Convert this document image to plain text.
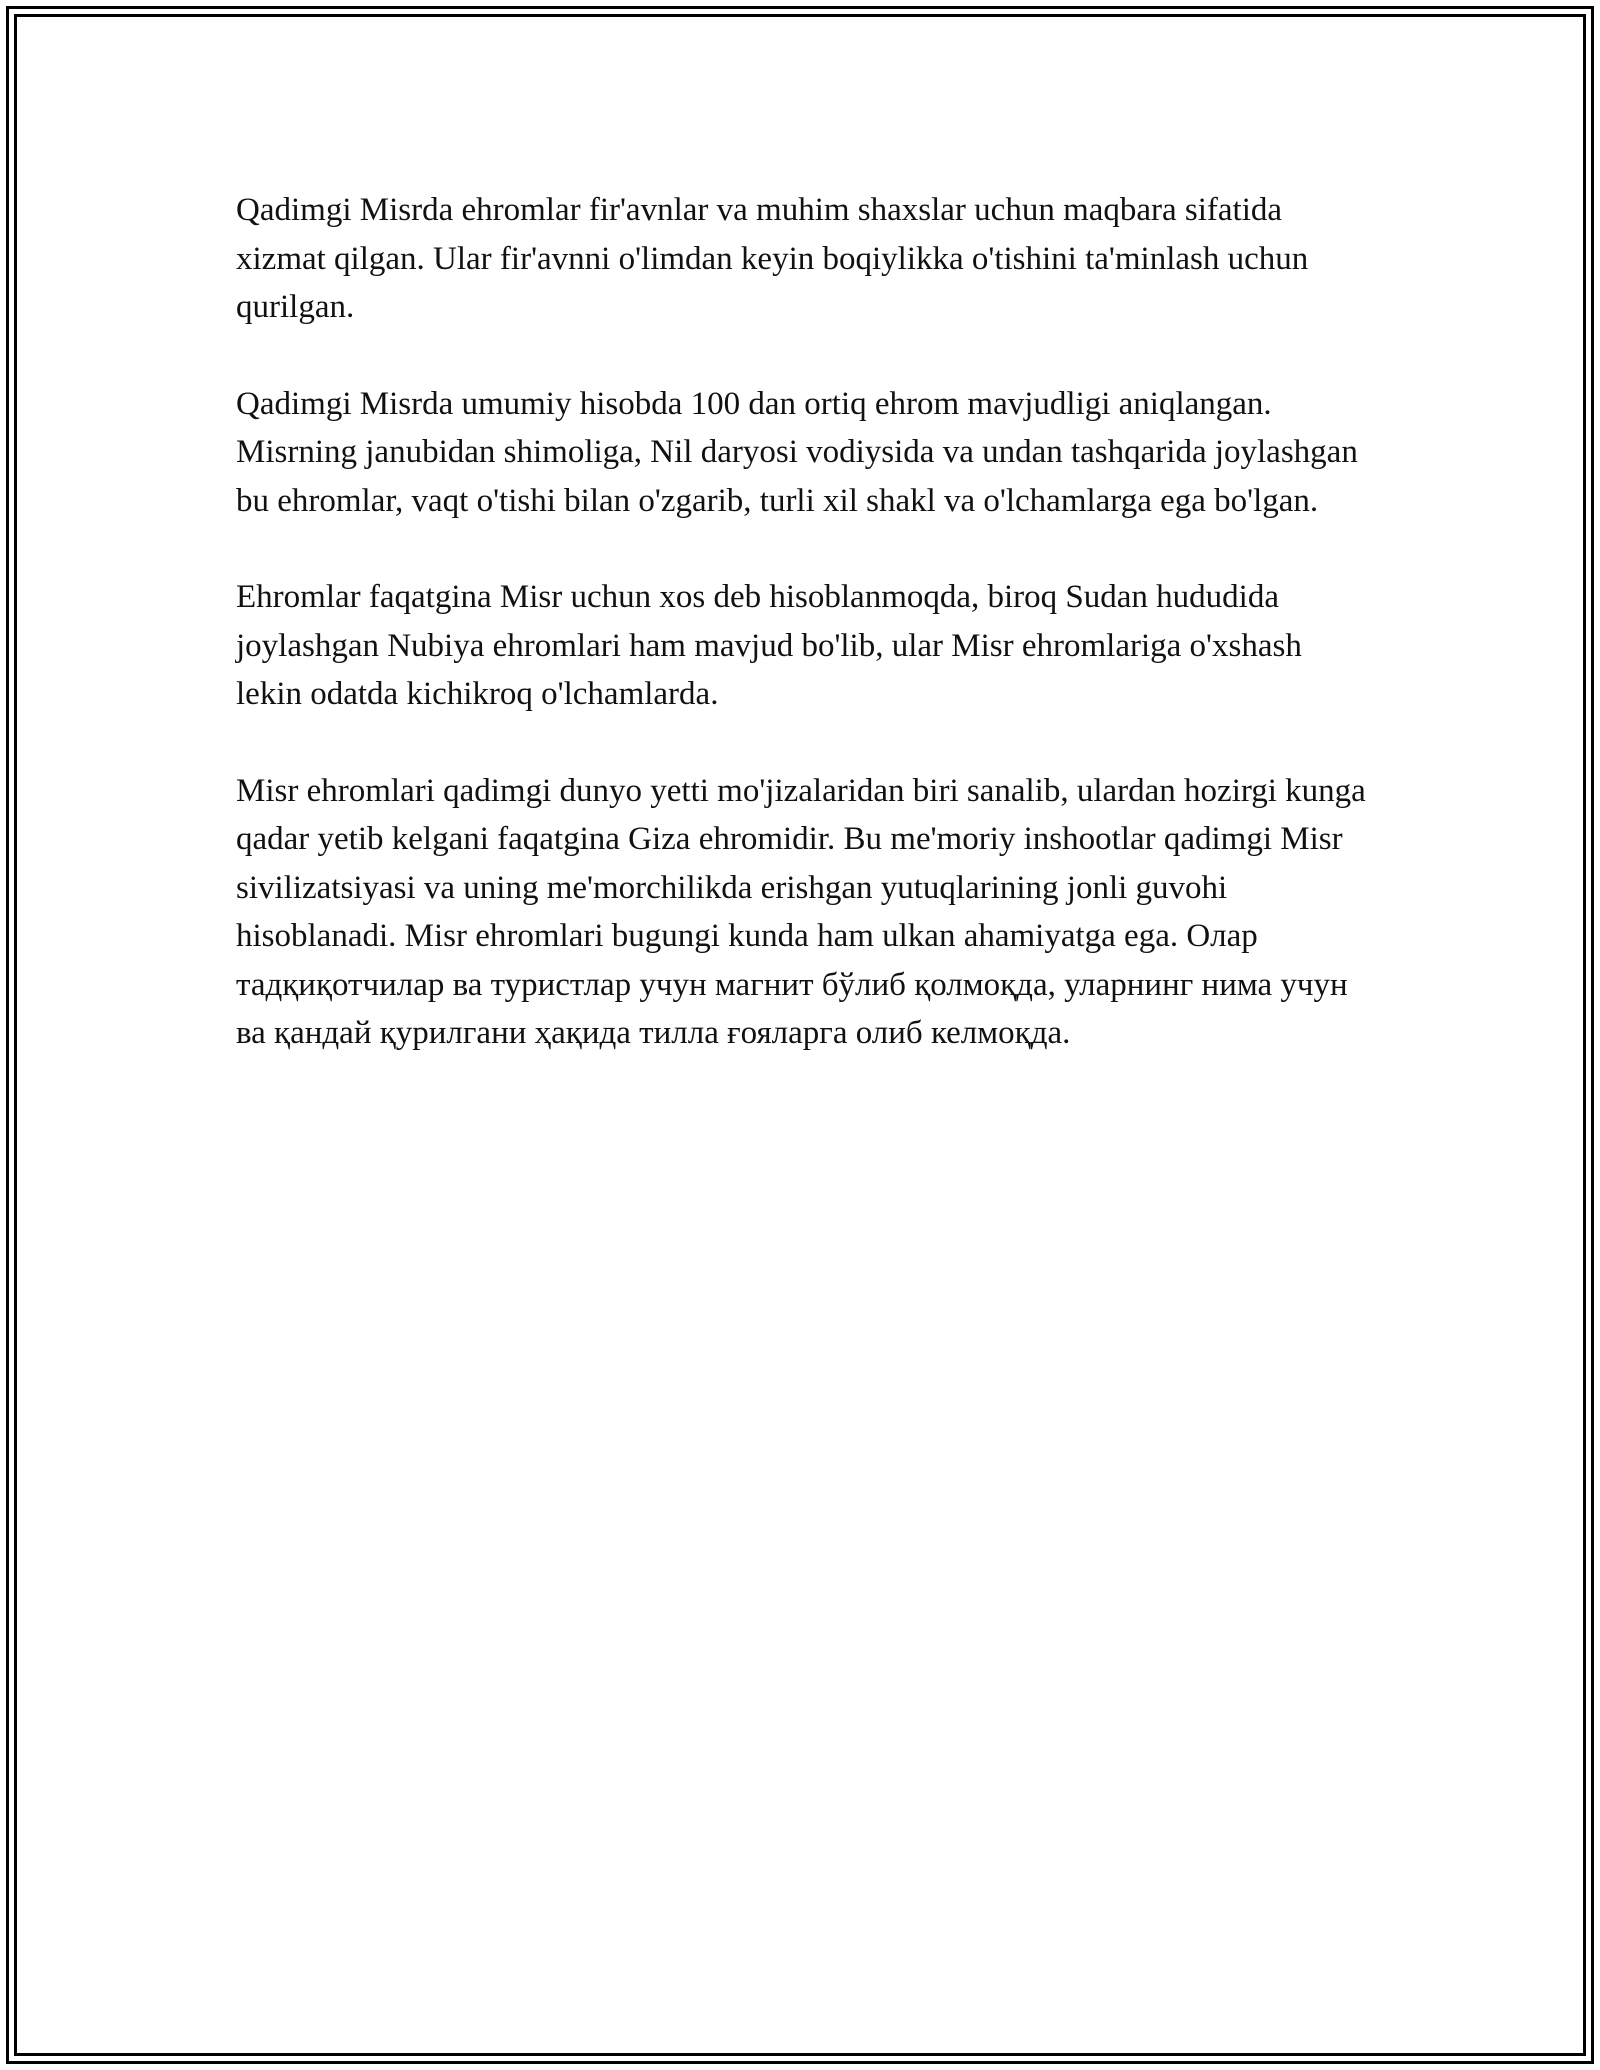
Qadimgi Misrda ehromlar fir'avnlar va muhim shaxslar uchun maqbara sifatida xizmat qilgan. Ular fir'avnni o'limdan keyin boqiylikka o'tishini ta'minlash uchun qurilgan.

Qadimgi Misrda umumiy hisobda 100 dan ortiq ehrom mavjudligi aniqlangan. Misrning janubidan shimoliga, Nil daryosi vodiysida va undan tashqarida joylashgan bu ehromlar, vaqt o'tishi bilan o'zgarib, turli xil shakl va o'lchamlarga ega bo'lgan.

Ehromlar faqatgina Misr uchun xos deb hisoblanmoqda, biroq Sudan hududida joylashgan Nubiya ehromlari ham mavjud bo'lib, ular Misr ehromlariga o'xshash lekin odatda kichikroq o'lchamlarda.

Misr ehromlari qadimgi dunyo yetti mo'jizalaridan biri sanalib, ulardan hozirgi kunga qadar yetib kelgani faqatgina Giza ehromidir. Bu me'moriy inshootlar qadimgi Misr sivilizatsiyasi va uning me'morchilikda erishgan yutuqlarining jonli guvohi hisoblanadi. Misr ehromlari bugungi kunda ham ulkan ahamiyatga ega. Олар тадқиқотчилар ва туристлар учун магнит бўлиб қолмоқда, уларнинг нима учун ва қандай қурилгани ҳақида тилла ғояларга олиб келмоқда.
